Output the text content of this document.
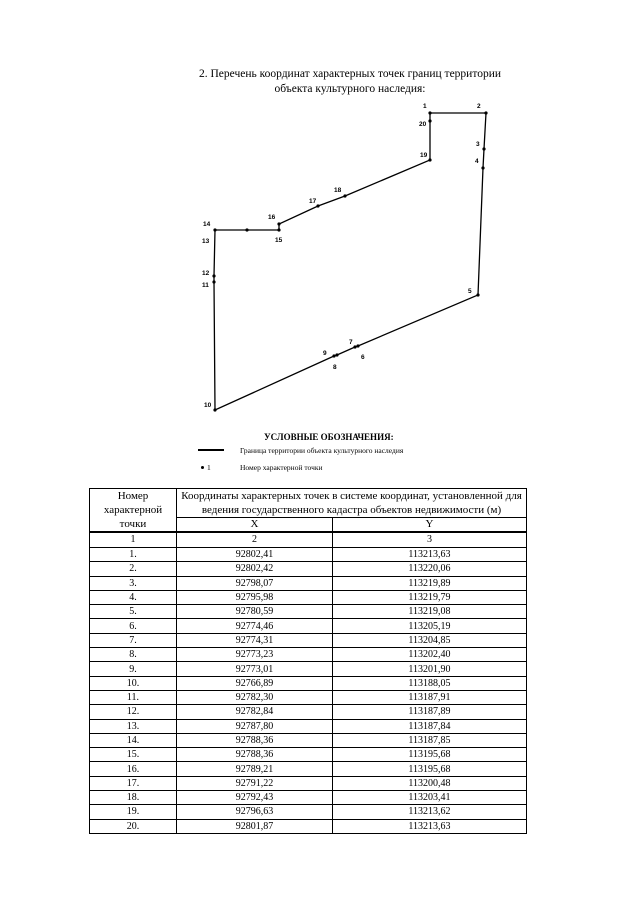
2. Перечень координат характерных точек границ территории
объекта культурного наследия:
1	2
3
4
5
6
7
8
9
10
11
12
13
14
15
16
17
18
19
20
УСЛОВНЫЕ ОБОЗНАЧЕНИЯ:
Граница территории объекта культурного наследия
1	Номер характерной точки
Номер характерной точки	Координаты характерных точек в системе координат, установленной для ведения государственного кадастра объектов недвижимости (м)	
	X	Y
1	2	3
1.	92802,41	113213,63
2.	92802,42	113220,06
3.	92798,07	113219,89
4.	92795,98	113219,79
5.	92780,59	113219,08
6.	92774,46	113205,19
7.	92774,31	113204,85
8.	92773,23	113202,40
9.	92773,01	113201,90
10.	92766,89	113188,05
11.	92782,30	113187,91
12.	92782,84	113187,89
13.	92787,80	113187,84
14.	92788,36	113187,85
15.	92788,36	113195,68
16.	92789,21	113195,68
17.	92791,22	113200,48
18.	92792,43	113203,41
19.	92796,63	113213,62
20.	92801,87	113213,63
